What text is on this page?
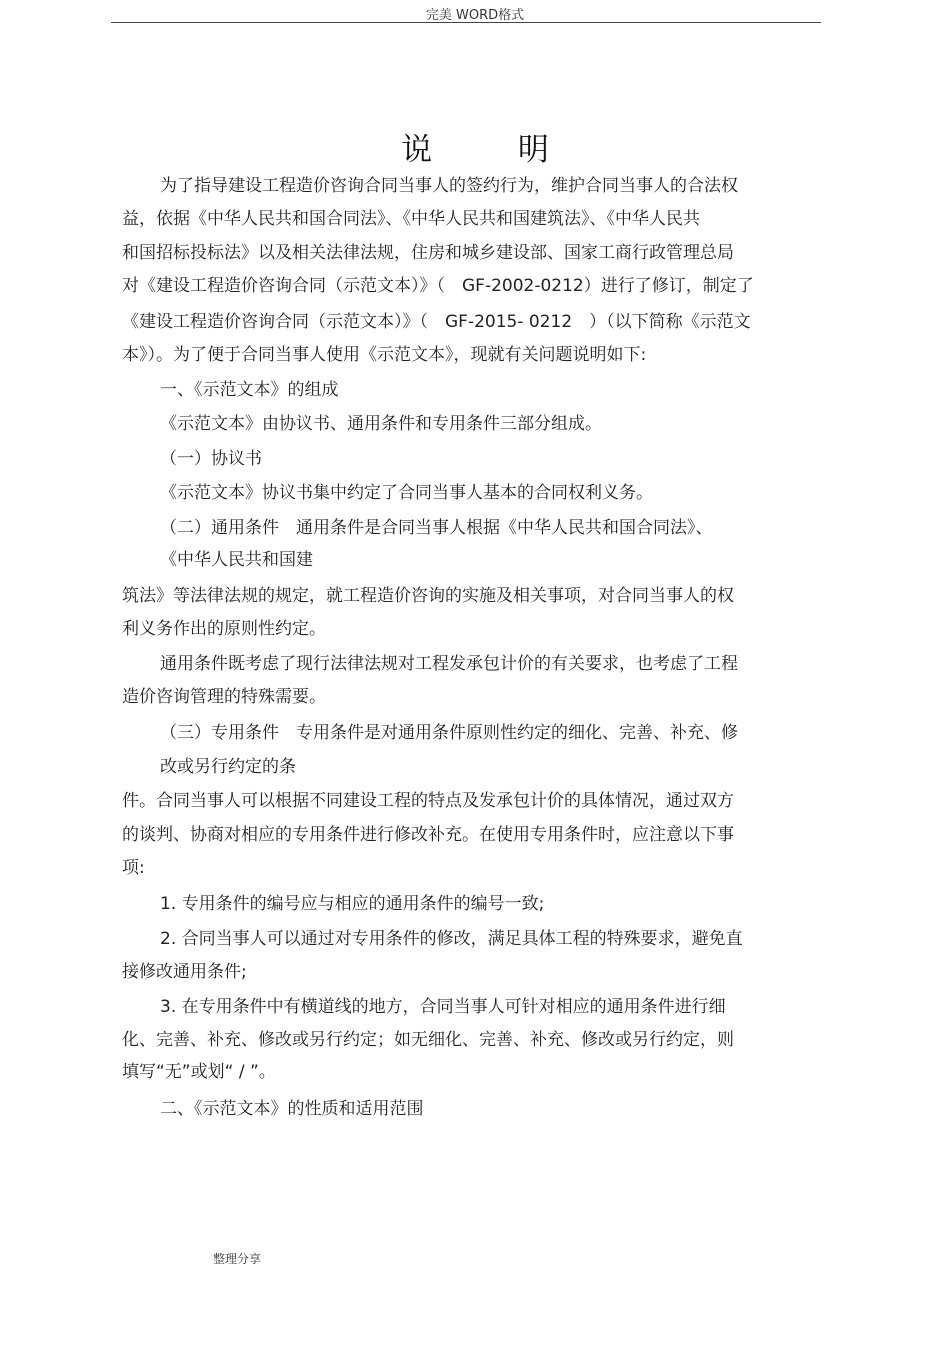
完美 WORD格式
说 明
为了指导建设工程造价咨询合同当事人的签约行为，维护合同当事人的合法权
益，依据《中华人民共和国合同法》、《中华人民共和国建筑法》、《中华人民共
和国招标投标法》以及相关法律法规，住房和城乡建设部、国家工商行政管理总局
对《建设工程造价咨询合同（示范文本）》（　GF-2002-0212）进行了修订，制定了
《建设工程造价咨询合同（示范文本）》（　GF-2015- 0212　）（以下简称《示范文
本》）。为了便于合同当事人使用《示范文本》，现就有关问题说明如下:
一、《示范文本》的组成
《示范文本》由协议书、通用条件和专用条件三部分组成。
（一）协议书
《示范文本》协议书集中约定了合同当事人基本的合同权利义务。
（二）通用条件　通用条件是合同当事人根据《中华人民共和国合同法》、
《中华人民共和国建
筑法》等法律法规的规定，就工程造价咨询的实施及相关事项，对合同当事人的权
利义务作出的原则性约定。
通用条件既考虑了现行法律法规对工程发承包计价的有关要求，也考虑了工程
造价咨询管理的特殊需要。
（三）专用条件　专用条件是对通用条件原则性约定的细化、完善、补充、修
改或另行约定的条
件。合同当事人可以根据不同建设工程的特点及发承包计价的具体情况，通过双方
的谈判、协商对相应的专用条件进行修改补充。在使用专用条件时，应注意以下事
项:
1. 专用条件的编号应与相应的通用条件的编号一致;
2. 合同当事人可以通过对专用条件的修改，满足具体工程的特殊要求，避免直
接修改通用条件;
3. 在专用条件中有横道线的地方，合同当事人可针对相应的通用条件进行细
化、完善、补充、修改或另行约定；如无细化、完善、补充、修改或另行约定，则
填写“无”或划“ / ”。
二、《示范文本》的性质和适用范围
整理分享
